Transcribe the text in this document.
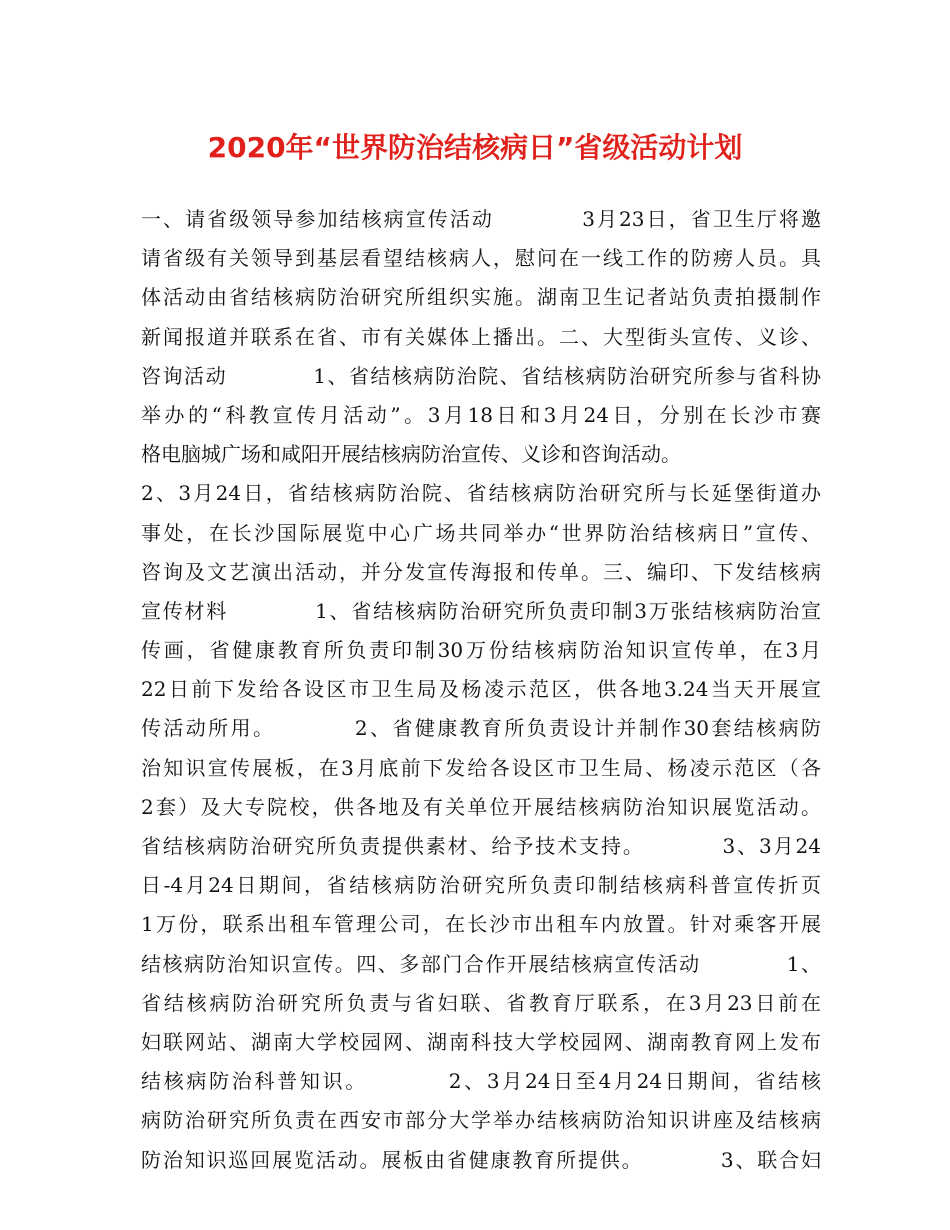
2020年“世界防治结核病日”省级活动计划
一、请省级领导参加结核病宣传活动　　　　3月23日，省卫生厅将邀
请省级有关领导到基层看望结核病人，慰问在一线工作的防痨人员。具
体活动由省结核病防治研究所组织实施。湖南卫生记者站负责拍摄制作
新闻报道并联系在省、市有关媒体上播出。二、大型街头宣传、义诊、
咨询活动　　　　1、省结核病防治院、省结核病防治研究所参与省科协
举办的“科教宣传月活动”。3月18日和3月24日，分别在长沙市赛
格电脑城广场和咸阳开展结核病防治宣传、义诊和咨询活动。
2、3月24日，省结核病防治院、省结核病防治研究所与长延堡街道办
事处，在长沙国际展览中心广场共同举办“世界防治结核病日”宣传、
咨询及文艺演出活动，并分发宣传海报和传单。三、编印、下发结核病
宣传材料　　　　1、省结核病防治研究所负责印制3万张结核病防治宣
传画，省健康教育所负责印制30万份结核病防治知识宣传单，在3月
22日前下发给各设区市卫生局及杨凌示范区，供各地3.24当天开展宣
传活动所用。　　　　2、省健康教育所负责设计并制作30套结核病防
治知识宣传展板，在3月底前下发给各设区市卫生局、杨凌示范区（各
2套）及大专院校，供各地及有关单位开展结核病防治知识展览活动。
省结核病防治研究所负责提供素材、给予技术支持。　　　　3、3月24
日-4月24日期间，省结核病防治研究所负责印制结核病科普宣传折页
1万份，联系出租车管理公司，在长沙市出租车内放置。针对乘客开展
结核病防治知识宣传。四、多部门合作开展结核病宣传活动　　　　1、
省结核病防治研究所负责与省妇联、省教育厅联系，在3月23日前在
妇联网站、湖南大学校园网、湖南科技大学校园网、湖南教育网上发布
结核病防治科普知识。　　　　2、3月24日至4月24日期间，省结核
病防治研究所负责在西安市部分大学举办结核病防治知识讲座及结核病
防治知识巡回展览活动。展板由省健康教育所提供。　　　　3、联合妇
